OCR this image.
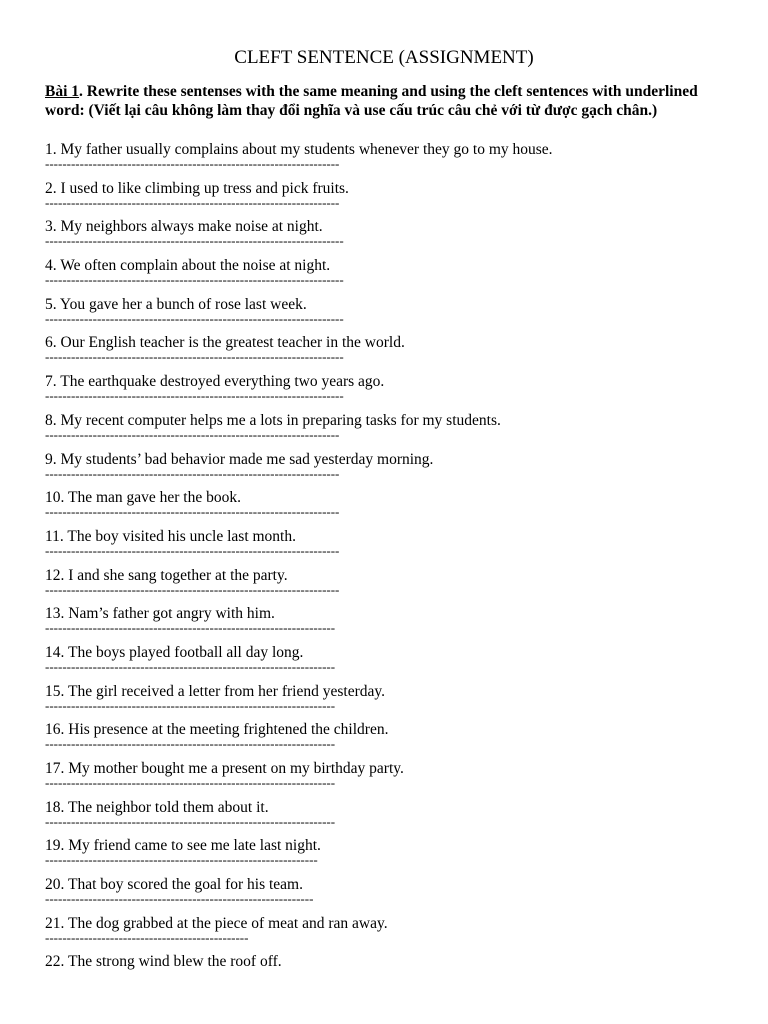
CLEFT SENTENCE (ASSIGNMENT)
Bài 1. Rewrite these sentenses with the same meaning and using the cleft sentences with underlined word: (Viết lại câu không làm thay đổi nghĩa và use cấu trúc câu chẻ với từ được gạch chân.)
1. My father usually complains about my students whenever they go to my house.
--------------------------------------------------------------------
2. I used to like climbing up tress and pick fruits.
--------------------------------------------------------------------
3. My neighbors always make noise at night.
---------------------------------------------------------------------
4. We often complain about the noise at night.
---------------------------------------------------------------------
5. You gave her a bunch of rose last week.
---------------------------------------------------------------------
6. Our English teacher is the greatest teacher in the world.
---------------------------------------------------------------------
7. The earthquake destroyed everything two years ago.
---------------------------------------------------------------------
8. My recent computer helps me a lots in preparing tasks for my students.
--------------------------------------------------------------------
9. My students’ bad behavior made me sad yesterday morning.
--------------------------------------------------------------------
10. The man gave her the book.
--------------------------------------------------------------------
11. The boy visited his uncle last month.
--------------------------------------------------------------------
12. I and she sang together at the party.
--------------------------------------------------------------------
13. Nam’s father got angry with him.
-------------------------------------------------------------------
14. The boys played football all day long.
-------------------------------------------------------------------
15. The girl received a letter from her friend yesterday.
-------------------------------------------------------------------
16. His presence at the meeting frightened the children.
-------------------------------------------------------------------
17. My mother bought me a present on my birthday party.
-------------------------------------------------------------------
18. The neighbor told them about it.
-------------------------------------------------------------------
19. My friend came to see me late last night.
---------------------------------------------------------------
20. That boy scored the goal for his team.
--------------------------------------------------------------
21. The dog grabbed at the piece of meat and ran away.
-----------------------------------------------
22. The strong wind blew the roof off.
